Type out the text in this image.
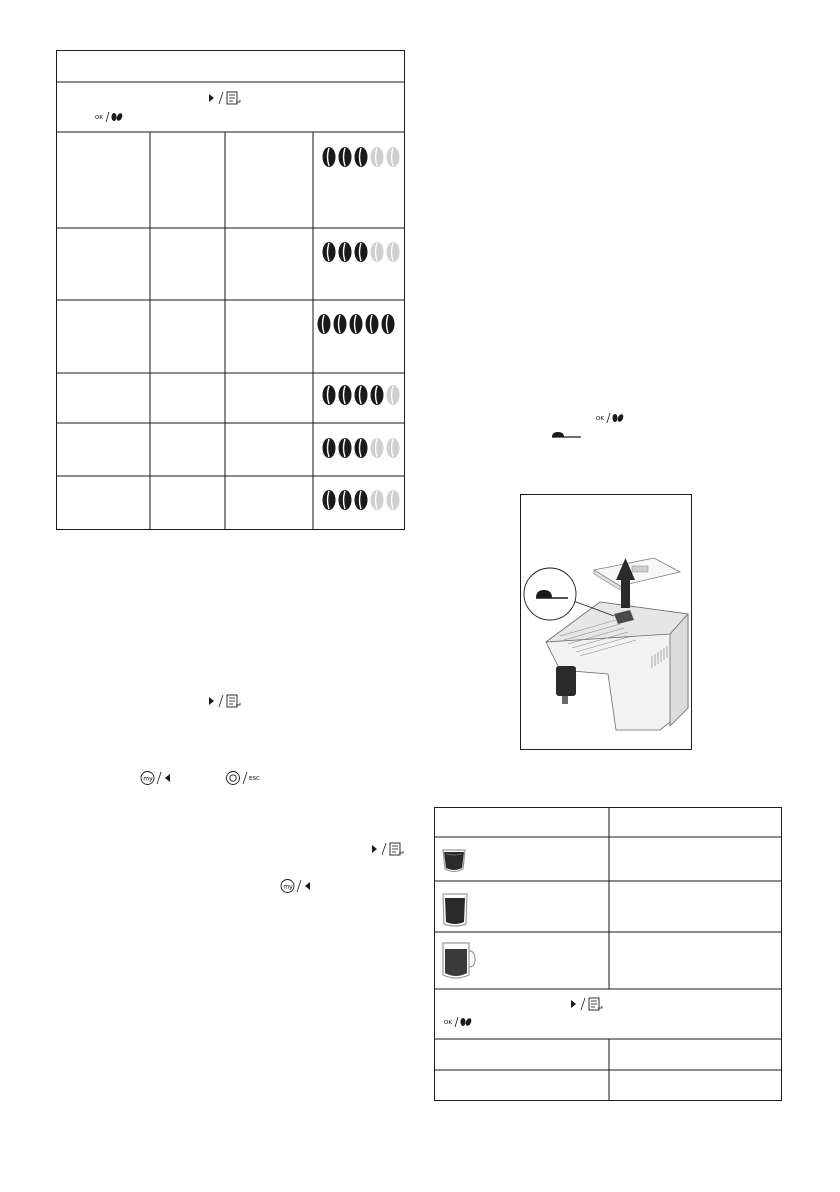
OK
my	ESC
my
OK
OK
